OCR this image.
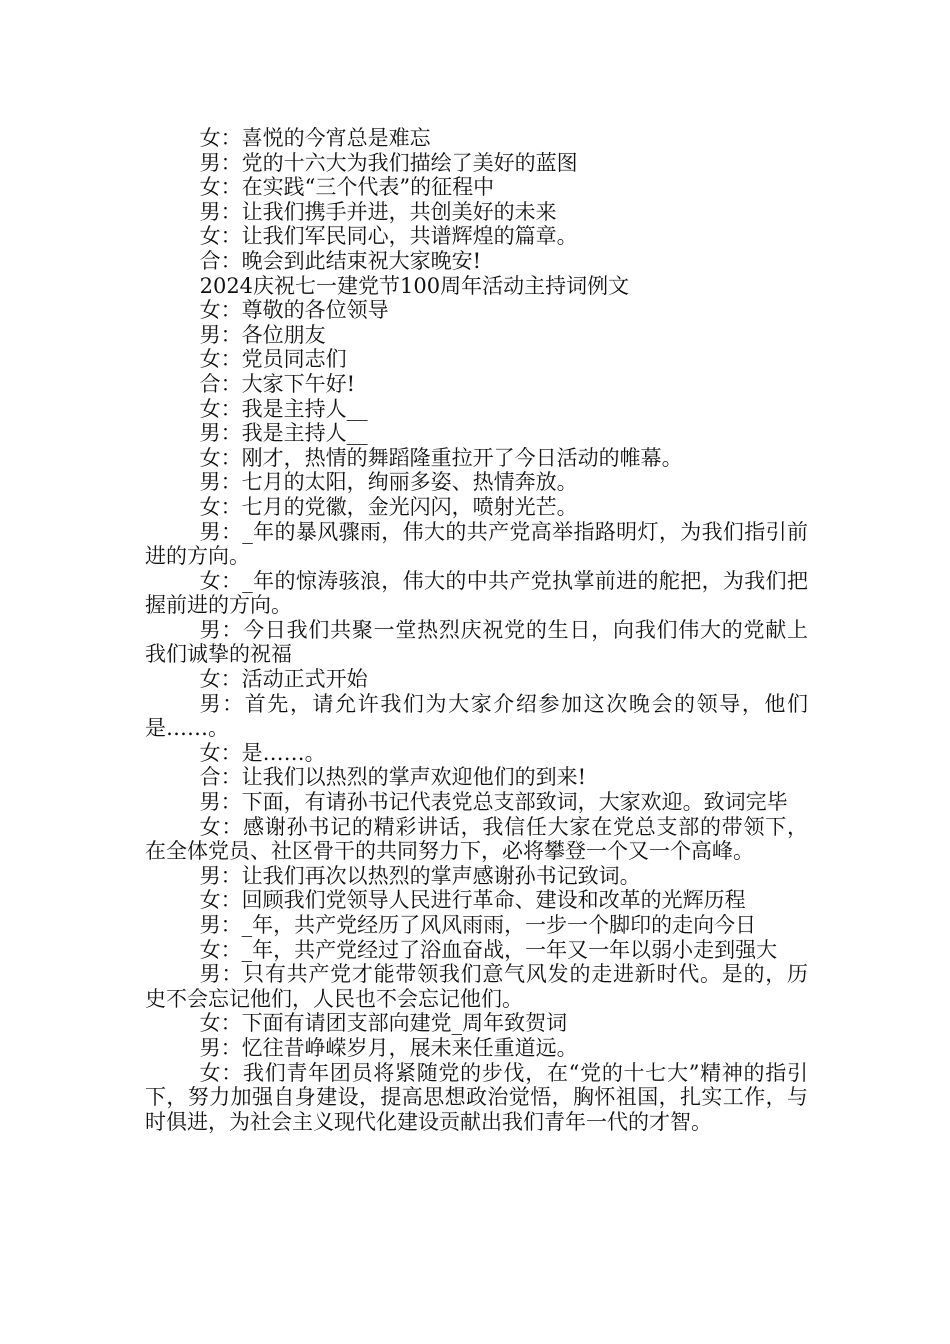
女：喜悦的今宵总是难忘

男：党的十六大为我们描绘了美好的蓝图

女：在实践“三个代表”的征程中

男：让我们携手并进，共创美好的未来

女：让我们军民同心，共谱辉煌的篇章。

合：晚会到此结束祝大家晚安!

2024庆祝七一建党节100周年活动主持词例文

女：尊敬的各位领导

男：各位朋友

女：党员同志们

合：大家下午好!

女：我是主持人__

男：我是主持人__

女：刚才，热情的舞蹈隆重拉开了今日活动的帷幕。

男：七月的太阳，绚丽多姿、热情奔放。

女：七月的党徽，金光闪闪，喷射光芒。

男：_年的暴风骤雨，伟大的共产党高举指路明灯，为我们指引前进的方向。

女：_年的惊涛骇浪，伟大的中共产党执掌前进的舵把，为我们把握前进的方向。

男：今日我们共聚一堂热烈庆祝党的生日，向我们伟大的党献上我们诚挚的祝福

女：活动正式开始

男：首先，请允许我们为大家介绍参加这次晚会的领导，他们是……。

女：是……。

合：让我们以热烈的掌声欢迎他们的到来!

男：下面，有请孙书记代表党总支部致词，大家欢迎。致词完毕

女：感谢孙书记的精彩讲话，我信任大家在党总支部的带领下，在全体党员、社区骨干的共同努力下，必将攀登一个又一个高峰。

男：让我们再次以热烈的掌声感谢孙书记致词。

女：回顾我们党领导人民进行革命、建设和改革的光辉历程

男：_年，共产党经历了风风雨雨，一步一个脚印的走向今日

女：_年，共产党经过了浴血奋战，一年又一年以弱小走到强大

男：只有共产党才能带领我们意气风发的走进新时代。是的，历史不会忘记他们，人民也不会忘记他们。

女：下面有请团支部向建党_周年致贺词

男：忆往昔峥嵘岁月，展未来任重道远。

女：我们青年团员将紧随党的步伐，在“党的十七大”精神的指引下，努力加强自身建设，提高思想政治觉悟，胸怀祖国，扎实工作，与时俱进，为社会主义现代化建设贡献出我们青年一代的才智。
